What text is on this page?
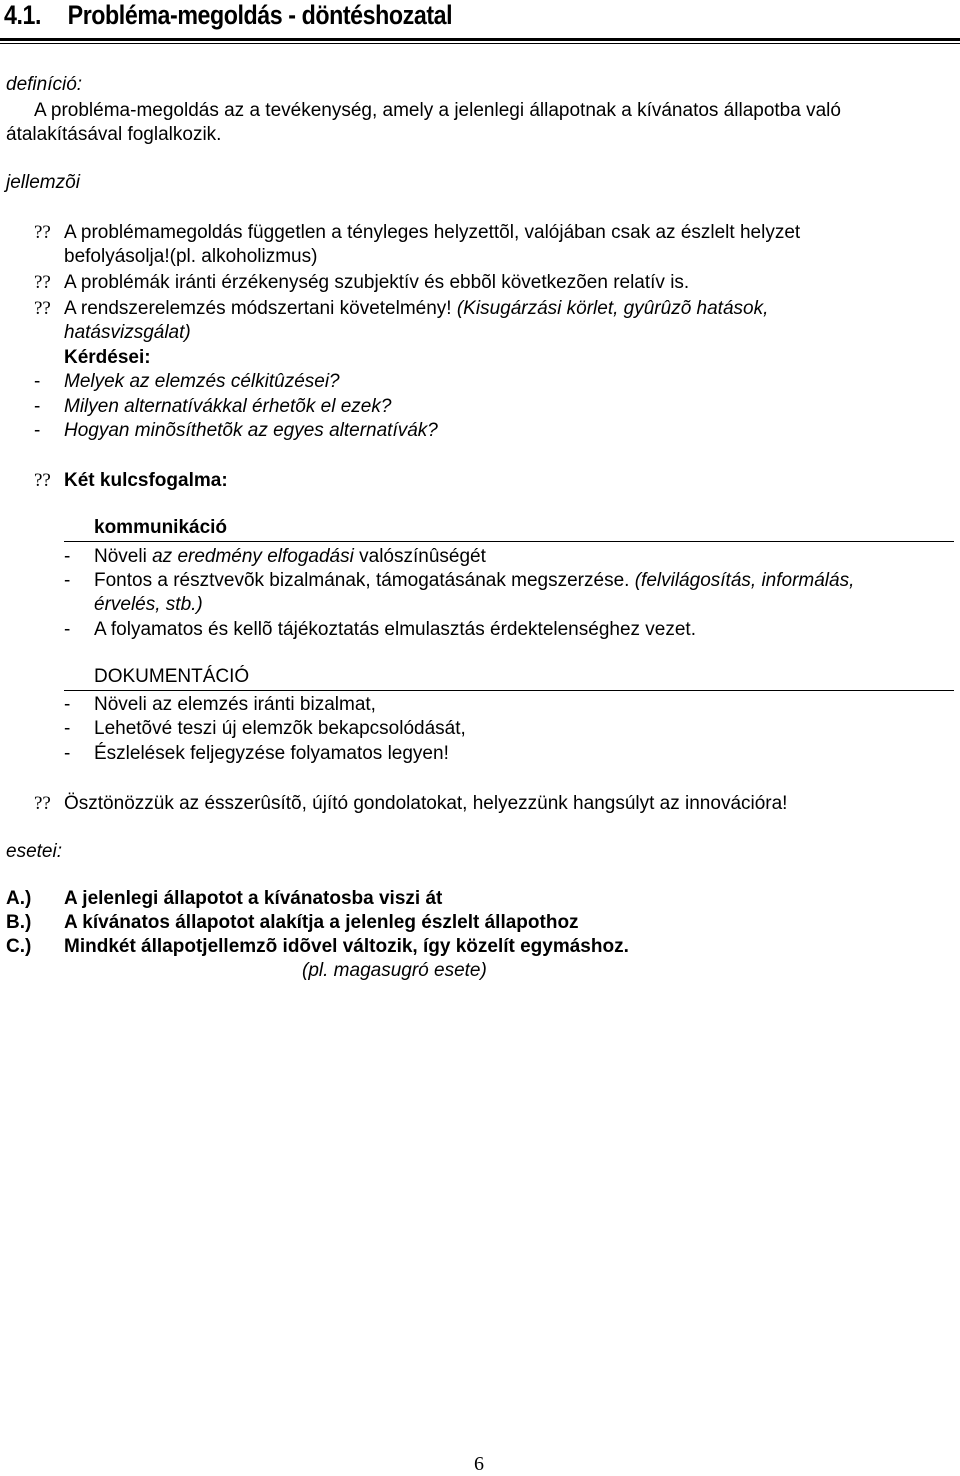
4.1. Probléma-megoldás - döntéshozatal
definíció:
A probléma-megoldás az a tevékenység, amely a jelenlegi állapotnak a kívánatos állapotba való
átalakításával foglalkozik.
jellemzõi
?? A problémamegoldás független a tényleges helyzettõl, valójában csak az észlelt helyzet
befolyásolja!(pl. alkoholizmus)
?? A problémák iránti érzékenység szubjektív és ebbõl következõen relatív is.
?? A rendszerelemzés módszertani követelmény! (Kisugárzási körlet, gyûrûzõ hatások,
hatásvizsgálat)
Kérdései:
- Melyek az elemzés célkitûzései?
- Milyen alternatívákkal érhetõk el ezek?
- Hogyan minõsíthetõk az egyes alternatívák?
?? Két kulcsfogalma:
kommunikáció
- Növeli az eredmény elfogadási valószínûségét
- Fontos a résztvevõk bizalmának, támogatásának megszerzése. (felvilágosítás, informálás,
érvelés, stb.)
- A folyamatos és kellõ tájékoztatás elmulasztás érdektelenséghez vezet.
DOKUMENTÁCIÓ
- Növeli az elemzés iránti bizalmat,
- Lehetõvé teszi új elemzõk bekapcsolódását,
- Észlelések feljegyzése folyamatos legyen!
?? Ösztönözzük az ésszerûsítõ, újító gondolatokat, helyezzünk hangsúlyt az innovációra!
esetei:
A.) A jelenlegi állapotot a kívánatosba viszi át
B.) A kívánatos állapotot alakítja a jelenleg észlelt állapothoz
C.) Mindkét állapotjellemzõ idõvel változik, így közelít egymáshoz.
(pl. magasugró esete)
6
